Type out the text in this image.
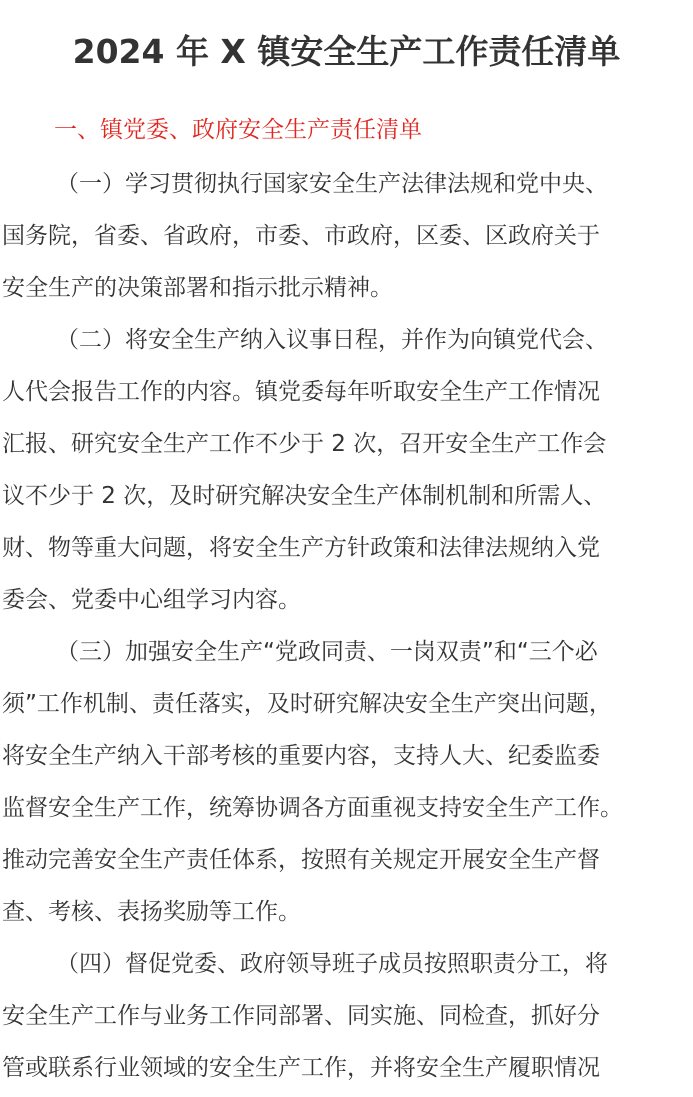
2024 年 X 镇安全生产工作责任清单
一、镇党委、政府安全生产责任清单
（一）学习贯彻执行国家安全生产法律法规和党中央、
国务院，省委、省政府，市委、市政府，区委、区政府关于
安全生产的决策部署和指示批示精神。
（二）将安全生产纳入议事日程，并作为向镇党代会、
人代会报告工作的内容。镇党委每年听取安全生产工作情况
汇报、研究安全生产工作不少于 2 次，召开安全生产工作会
议不少于 2 次，及时研究解决安全生产体制机制和所需人、
财、物等重大问题，将安全生产方针政策和法律法规纳入党
委会、党委中心组学习内容。
（三）加强安全生产“党政同责、一岗双责”和“三个必
须”工作机制、责任落实，及时研究解决安全生产突出问题，
将安全生产纳入干部考核的重要内容，支持人大、纪委监委
监督安全生产工作，统筹协调各方面重视支持安全生产工作。
推动完善安全生产责任体系，按照有关规定开展安全生产督
查、考核、表扬奖励等工作。
（四）督促党委、政府领导班子成员按照职责分工，将
安全生产工作与业务工作同部署、同实施、同检查，抓好分
管或联系行业领域的安全生产工作，并将安全生产履职情况
